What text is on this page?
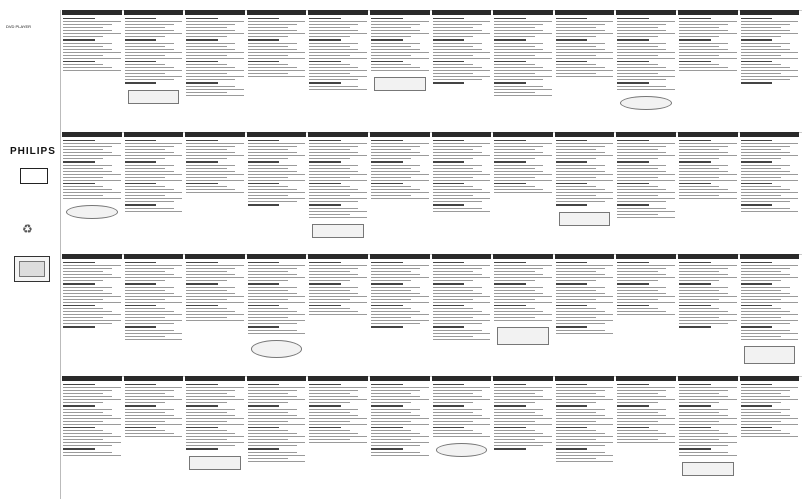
DVD PLAYER
PHILIPS
♻
